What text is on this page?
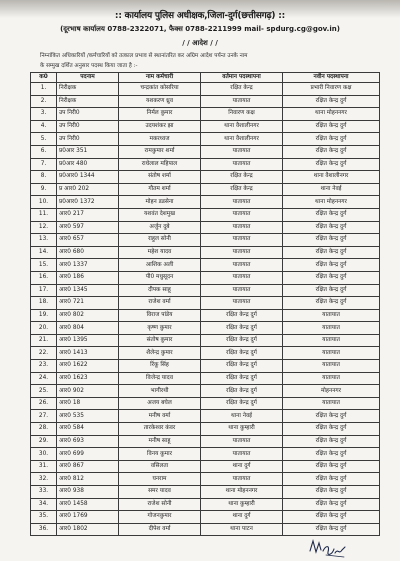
:: कार्यालय पुलिस अधीक्षक,जिला-दुर्ग(छत्तीसगढ़) ::
(दूरभाष कार्यालय 0788-2322071, फैक्स 0788-2211999 mail- spdurg.cg@gov.in)
/ / आदेश / /
निम्नांकित अधिकारियों /कर्मचारियों को तत्काल प्रभाव से स्थानांतरित कर अग्रिम आदेश पर्यन्त उनके नाम
के सम्मुख दर्शित अनुसार पदस्थ किया जाता है :-
क0	पदनाम	नाम कर्मचारी	वर्तमान पदस्थापना	नवीन पदस्थापना
1.	निरीक्षक	चन्द्रकांत कोसरिया	रक्षित केन्द्र	प्रभारी निवारण कक्ष
2.	निरीक्षक	यशकरण ध्रुव	यातायात	रक्षित केन्द्र दुर्ग
3.	उप निरी0	निर्मल कुमार	निवारण कक्ष	थाना मोहननगर
4.	उप निरी0	उदयशंकर झा	थाना वैशालीनगर	रक्षित केन्द्र दुर्ग
5.	उप निरी0	मकरध्वज	थाना वैशालीनगर	रक्षित केन्द्र दुर्ग
6.	प्र0आर 351	रामकुमार शर्मा	यातायात	रक्षित केन्द्र दुर्ग
7.	प्र0आर 480	राधेलाल महिपाल	यातायात	रक्षित केन्द्र दुर्ग
8.	प्र0आर0 1344	संतोष शर्मा	रक्षित केन्द्र	थाना वैशालीनगर
9.	प्र आर0 202	गौतम शर्मा	रक्षित केन्द्र	थाना नेवई
10.	प्र0आर0 1372	मोहन डडसेना	यातायात	थाना मोहननगर
11.	आर0 217	यशवंत देशमुख	यातायात	रक्षित केन्द्र दुर्ग
12.	आर0 597	अर्जुन दुबे	यातायात	रक्षित केन्द्र दुर्ग
13.	आर0 657	राहुल सोनी	यातायात	रक्षित केन्द्र दुर्ग
14.	आर0 680	महेश यादव	यातायात	रक्षित केन्द्र दुर्ग
15.	आर0 1337	आशिक अली	यातायात	रक्षित केन्द्र दुर्ग
16.	आर0 186	पी0 मधुसूदन	यातायात	रक्षित केन्द्र दुर्ग
17.	आर0 1345	दीपक साहू	यातायात	रक्षित केन्द्र दुर्ग
18.	आर0 721	राजेश वर्मा	यातायात	रक्षित केन्द्र दुर्ग
19.	आर0 802	विराज पांडेय	रक्षित केन्द्र दुर्ग	यातायात
20.	आर0 804	कृष्ण कुमार	रक्षित केन्द्र दुर्ग	यातायात
21.	आर0 1395	संतोष कुमार	रक्षित केन्द्र दुर्ग	यातायात
22.	आर0 1413	शैलेन्द्र कुमार	रक्षित केन्द्र दुर्ग	यातायात
23.	आर0 1622	रिंकू सिंह	रक्षित केन्द्र दुर्ग	यातायात
24.	आर0 1623	विजेन्द्र यादव	रक्षित केन्द्र दुर्ग	यातायात
25.	आर0 902	भागीरथी	रक्षित केन्द्र दुर्ग	मोहननगर
26.	आर0 18	अजय बघेल	रक्षित केन्द्र दुर्ग	यातायात
27.	आर0 535	मनीष वर्मा	थाना नेवई	रक्षित केन्द्र दुर्ग
28.	आर0 584	तारकेश्वर कंवर	थाना कुम्हारी	रक्षित केन्द्र दुर्ग
29.	आर0 693	मनीष साहू	यातायात	रक्षित केन्द्र दुर्ग
30.	आर0 699	विनय कुमार	यातायात	रक्षित केन्द्र दुर्ग
31.	आर0 867	वसिलता	थाना दुर्ग	रक्षित केन्द्र दुर्ग
32.	आर0 812	घनराम	यातायात	रक्षित केन्द्र दुर्ग
33.	आर0 938	समर यादव	थाना मोहननगर	रक्षित केन्द्र दुर्ग
34.	आर0 1458	राजेश सोनी	थाना कुम्हारी	रक्षित केन्द्र दुर्ग
35.	आर0 1769	गोजनकुमार	थाना दुर्ग	रक्षित केन्द्र दुर्ग
36.	आर0 1802	दीपेश वर्मा	थाना पाटन	रक्षित केन्द्र दुर्ग
